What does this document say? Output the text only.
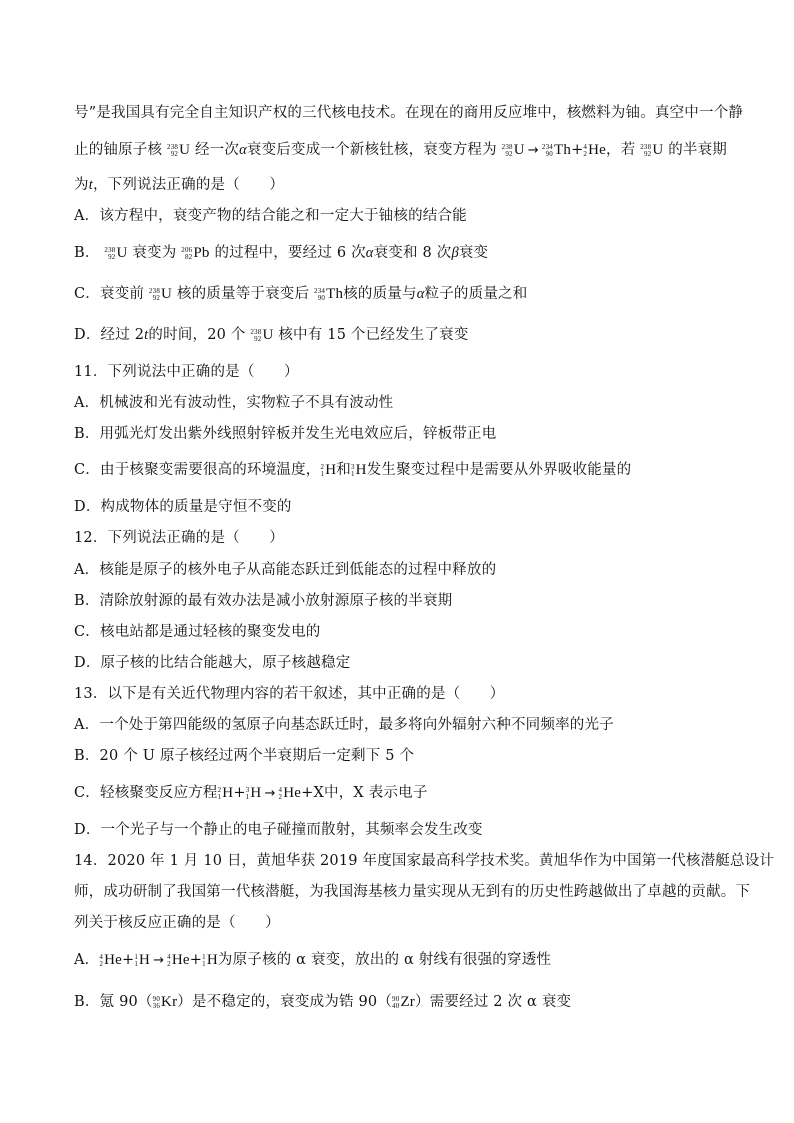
号”是我国具有完全自主知识产权的三代核电技术。在现在的商用反应堆中，核燃料为铀。真空中一个静
止的铀原子核 238
92 U 经一次α衰变后变成一个新核钍核，衰变方程为 238
92 U → 234
90 Th+ 4
2 He，若 238
92 U 的半衰期
为t，下列说法正确的是（　　）
A．该方程中，衰变产物的结合能之和一定大于铀核的结合能
B． 238
92 U 衰变为 206
82 Pb 的过程中，要经过 6 次α衰变和 8 次β衰变
C．衰变前 238
92 U 核的质量等于衰变后 234
90 Th核的质量与α粒子的质量之和
D．经过 2t的时间，20 个 238
92 U 核中有 15 个已经发生了衰变
11．下列说法中正确的是（　　）
A．机械波和光有波动性，实物粒子不具有波动性
B．用弧光灯发出紫外线照射锌板并发生光电效应后，锌板带正电
C．由于核聚变需要很高的环境温度， 2
1 H和 3
1 H发生聚变过程中是需要从外界吸收能量的
D．构成物体的质量是守恒不变的
12．下列说法正确的是（　　）
A．核能是原子的核外电子从高能态跃迁到低能态的过程中释放的
B．清除放射源的最有效办法是减小放射源原子核的半衰期
C．核电站都是通过轻核的聚变发电的
D．原子核的比结合能越大，原子核越稳定
13．以下是有关近代物理内容的若干叙述，其中正确的是（　　）
A．一个处于第四能级的氢原子向基态跃迁时，最多将向外辐射六种不同频率的光子
B．20 个 U 原子核经过两个半衰期后一定剩下 5 个
C．轻核聚变反应方程 2
1 H+ 3
1 H → 4
2 He+X中，X 表示电子
D．一个光子与一个静止的电子碰撞而散射，其频率会发生改变
14．2020 年 1 月 10 日，黄旭华获 2019 年度国家最高科学技术奖。黄旭华作为中国第一代核潜艇总设计
师，成功研制了我国第一代核潜艇，为我国海基核力量实现从无到有的历史性跨越做出了卓越的贡献。下
列关于核反应正确的是（　　）
A． 4
2 He+ 1
1 H → 4
2 He+ 1
1 H为原子核的 α 衰变，放出的 α 射线有很强的穿透性
B．氪 90（ 90
36 Kr）是不稳定的，衰变成为锆 90（ 90
40 Zr）需要经过 2 次 α 衰变
